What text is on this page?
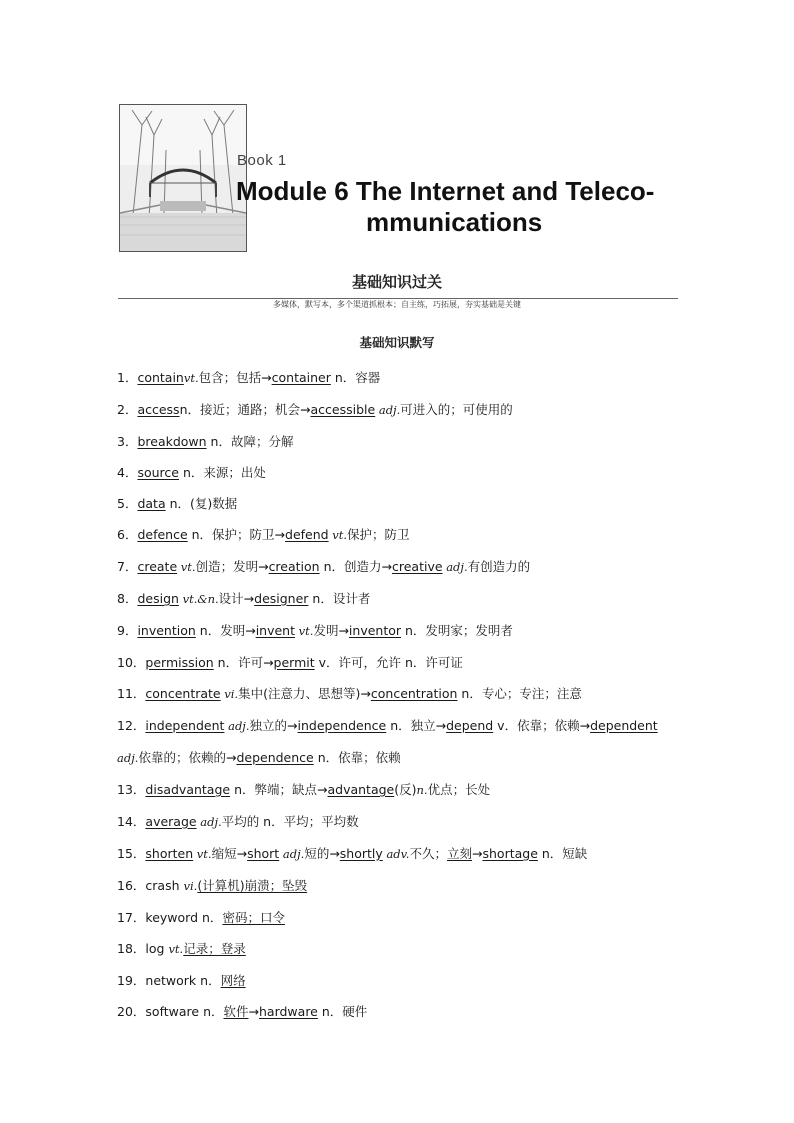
Book 1
Module 6 The Internet and Teleco-
mmunications
基础知识过关
多媒体，默写本，多个渠道抓根本；自主练，巧拓展，夯实基础是关键
基础知识默写
1．containvt.包含；包括→container n．容器
2．accessn．接近；通路；机会→accessible adj.可进入的；可使用的
3．breakdown n．故障；分解
4．source n．来源；出处
5．data n．(复)数据
6．defence n．保护；防卫→defend vt.保护；防卫
7．create vt.创造；发明→creation n．创造力→creative adj.有创造力的
8．design vt.&n.设计→designer n．设计者
9．invention n．发明→invent vt.发明→inventor n．发明家；发明者
10．permission n．许可→permit v．许可，允许 n．许可证
11．concentrate vi.集中(注意力、思想等)→concentration n．专心；专注；注意
12．independent adj.独立的→independence n．独立→depend v．依靠；依赖→dependent adj.依靠的；依赖的→dependence n．依靠；依赖
13．disadvantage n．弊端；缺点→advantage(反)n.优点；长处
14．average adj.平均的 n．平均；平均数
15．shorten vt.缩短→short adj.短的→shortly adv.不久；立刻→shortage n．短缺
16．crash vi.(计算机)崩溃；坠毁
17．keyword n．密码；口令
18．log vt.记录；登录
19．network n．网络
20．software n．软件→hardware n．硬件
